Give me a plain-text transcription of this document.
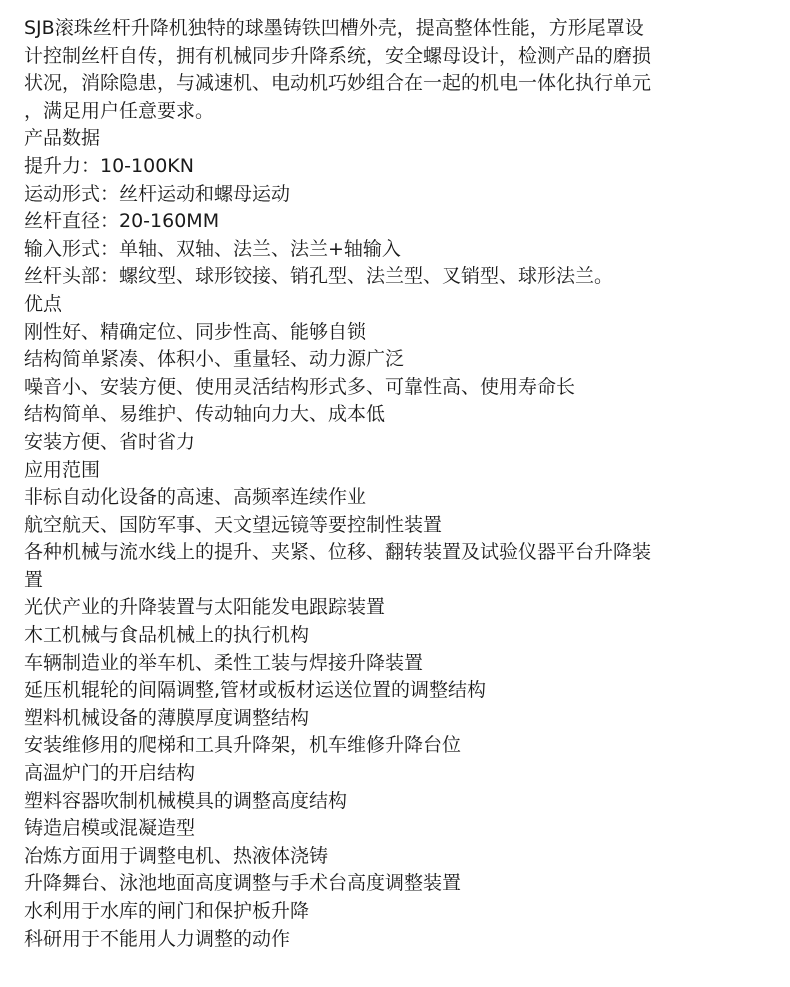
SJB滚珠丝杆升降机独特的球墨铸铁凹槽外壳，提高整体性能，方形尾罩设
计控制丝杆自传，拥有机械同步升降系统，安全螺母设计，检测产品的磨损
状况，消除隐患，与减速机、电动机巧妙组合在一起的机电一体化执行单元
，满足用户任意要求。
产品数据
提升力：10-100KN
运动形式：丝杆运动和螺母运动
丝杆直径：20-160MM
输入形式：单轴、双轴、法兰、法兰+轴输入
丝杆头部：螺纹型、球形铰接、销孔型、法兰型、叉销型、球形法兰。
优点
刚性好、精确定位、同步性高、能够自锁
结构简单紧凑、体积小、重量轻、动力源广泛
噪音小、安装方便、使用灵活结构形式多、可靠性高、使用寿命长
结构简单、易维护、传动轴向力大、成本低
安装方便、省时省力
应用范围
非标自动化设备的高速、高频率连续作业
航空航天、国防军事、天文望远镜等要控制性装置
各种机械与流水线上的提升、夹紧、位移、翻转装置及试验仪器平台升降装
置
光伏产业的升降装置与太阳能发电跟踪装置
木工机械与食品机械上的执行机构
车辆制造业的举车机、柔性工装与焊接升降装置
延压机辊轮的间隔调整,管材或板材运送位置的调整结构
塑料机械设备的薄膜厚度调整结构
安装维修用的爬梯和工具升降架，机车维修升降台位
高温炉门的开启结构
塑料容器吹制机械模具的调整高度结构
铸造启模或混凝造型
冶炼方面用于调整电机、热液体浇铸
升降舞台、泳池地面高度调整与手术台高度调整装置
水利用于水库的闸门和保护板升降
科研用于不能用人力调整的动作
